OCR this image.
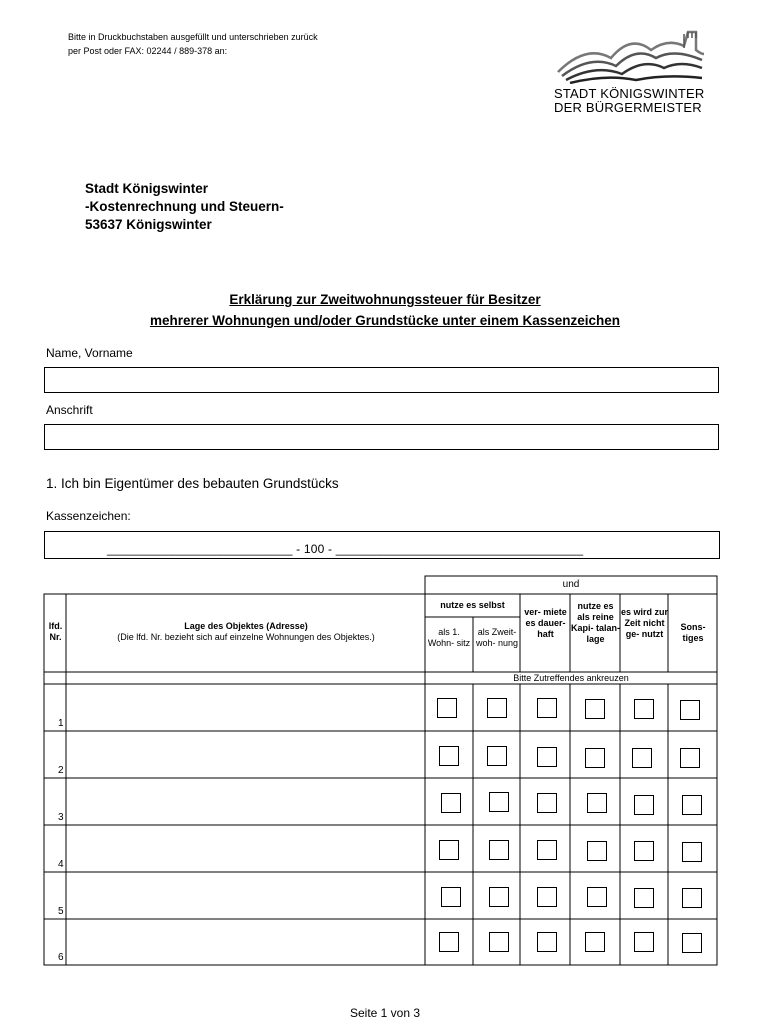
Bitte in Druckbuchstaben ausgefüllt und unterschrieben zurück
per Post oder FAX: 02244 / 889-378 an:
STADT KÖNIGSWINTER
DER BÜRGERMEISTER
Stadt Königswinter
-Kostenrechnung und Steuern-
53637 Königswinter
Erklärung zur Zweitwohnungssteuer für Besitzer
mehrerer Wohnungen und/oder Grundstücke unter einem Kassenzeichen
Name, Vorname
Anschrift
1. Ich bin Eigentümer des bebauten Grundstücks
Kassenzeichen:
___________________________ - 100 - ____________________________________
und
lfd. Nr.
Lage des Objektes (Adresse)
(Die lfd. Nr. bezieht sich auf einzelne Wohnungen des Objektes.)
nutze es selbst
als 1. Wohn- sitz
als Zweit- woh- nung
ver- miete es dauer- haft
nutze es als reine Kapi- talan- lage
es wird zur Zeit nicht ge- nutzt
Sons- tiges
Bitte Zutreffendes ankreuzen
1
2
3
4
5
6
Seite 1 von 3
